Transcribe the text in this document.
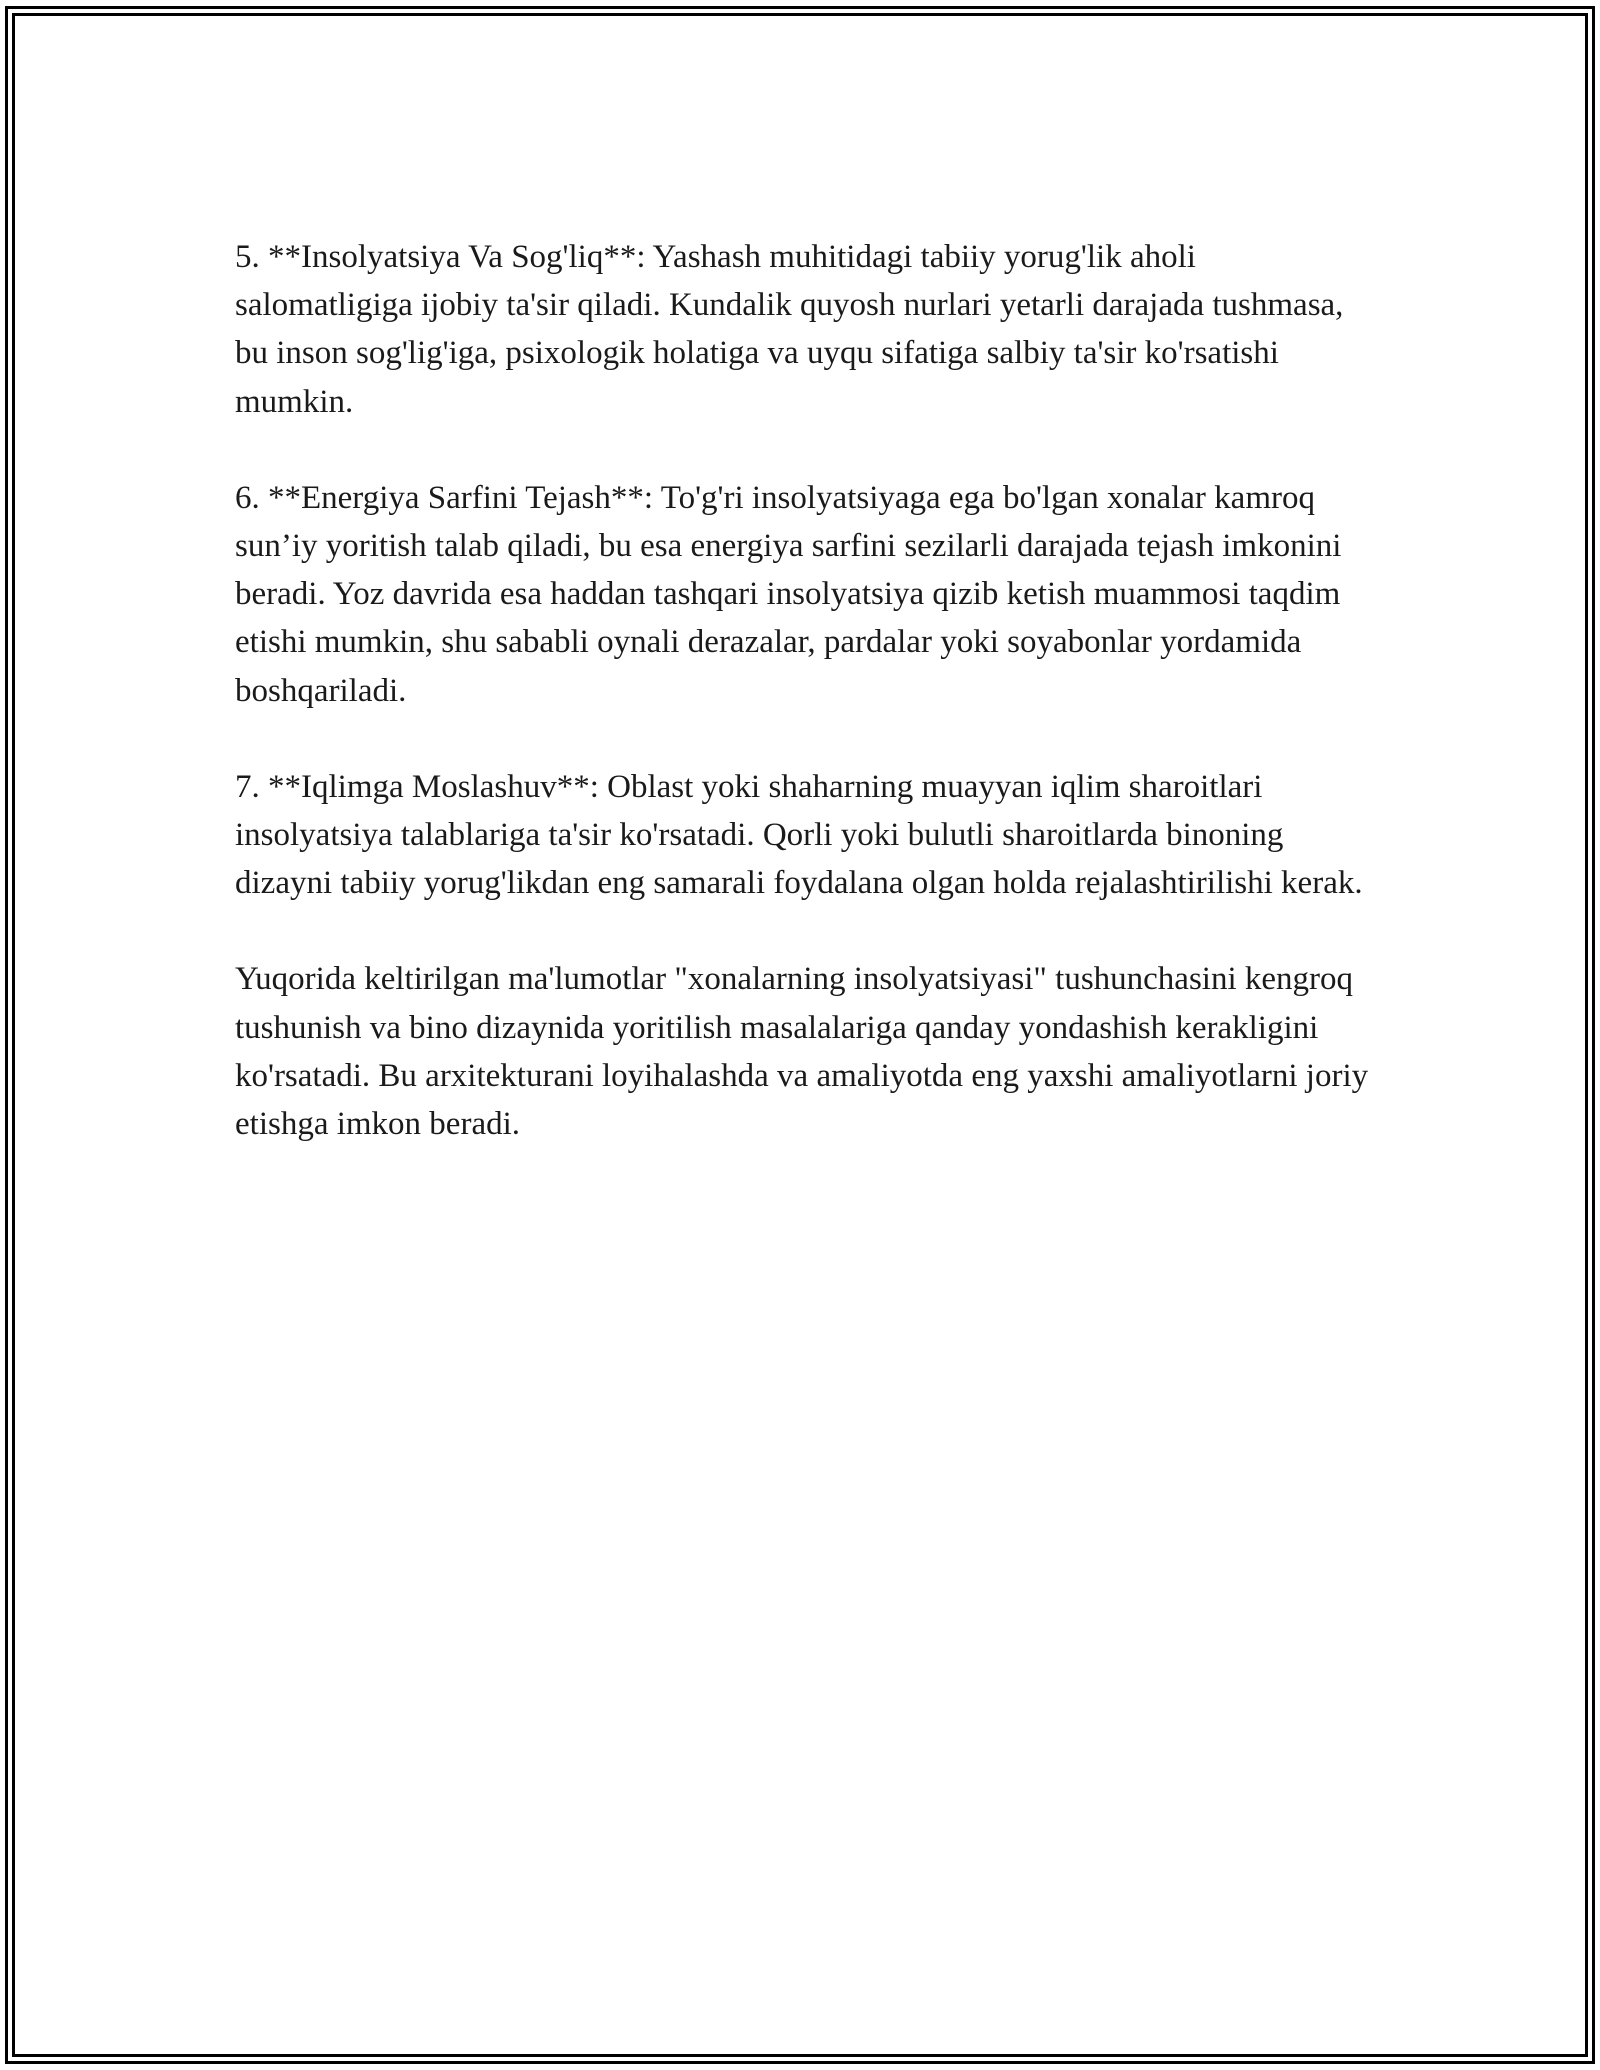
5. **Insolyatsiya Va Sog'liq**: Yashash muhitidagi tabiiy yorug'lik aholi salomatligiga ijobiy ta'sir qiladi. Kundalik quyosh nurlari yetarli darajada tushmasa, bu inson sog'lig'iga, psixologik holatiga va uyqu sifatiga salbiy ta'sir ko'rsatishi mumkin.

6. **Energiya Sarfini Tejash**: To'g'ri insolyatsiyaga ega bo'lgan xonalar kamroq sun’iy yoritish talab qiladi, bu esa energiya sarfini sezilarli darajada tejash imkonini beradi. Yoz davrida esa haddan tashqari insolyatsiya qizib ketish muammosi taqdim etishi mumkin, shu sababli oynali derazalar, pardalar yoki soyabonlar yordamida boshqariladi.

7. **Iqlimga Moslashuv**: Oblast yoki shaharning muayyan iqlim sharoitlari insolyatsiya talablariga ta'sir ko'rsatadi. Qorli yoki bulutli sharoitlarda binoning dizayni tabiiy yorug'likdan eng samarali foydalana olgan holda rejalashtirilishi kerak.

Yuqorida keltirilgan ma'lumotlar "xonalarning insolyatsiyasi" tushunchasini kengroq tushunish va bino dizaynida yoritilish masalalariga qanday yondashish kerakligini ko'rsatadi. Bu arxitekturani loyihalashda va amaliyotda eng yaxshi amaliyotlarni joriy etishga imkon beradi.
